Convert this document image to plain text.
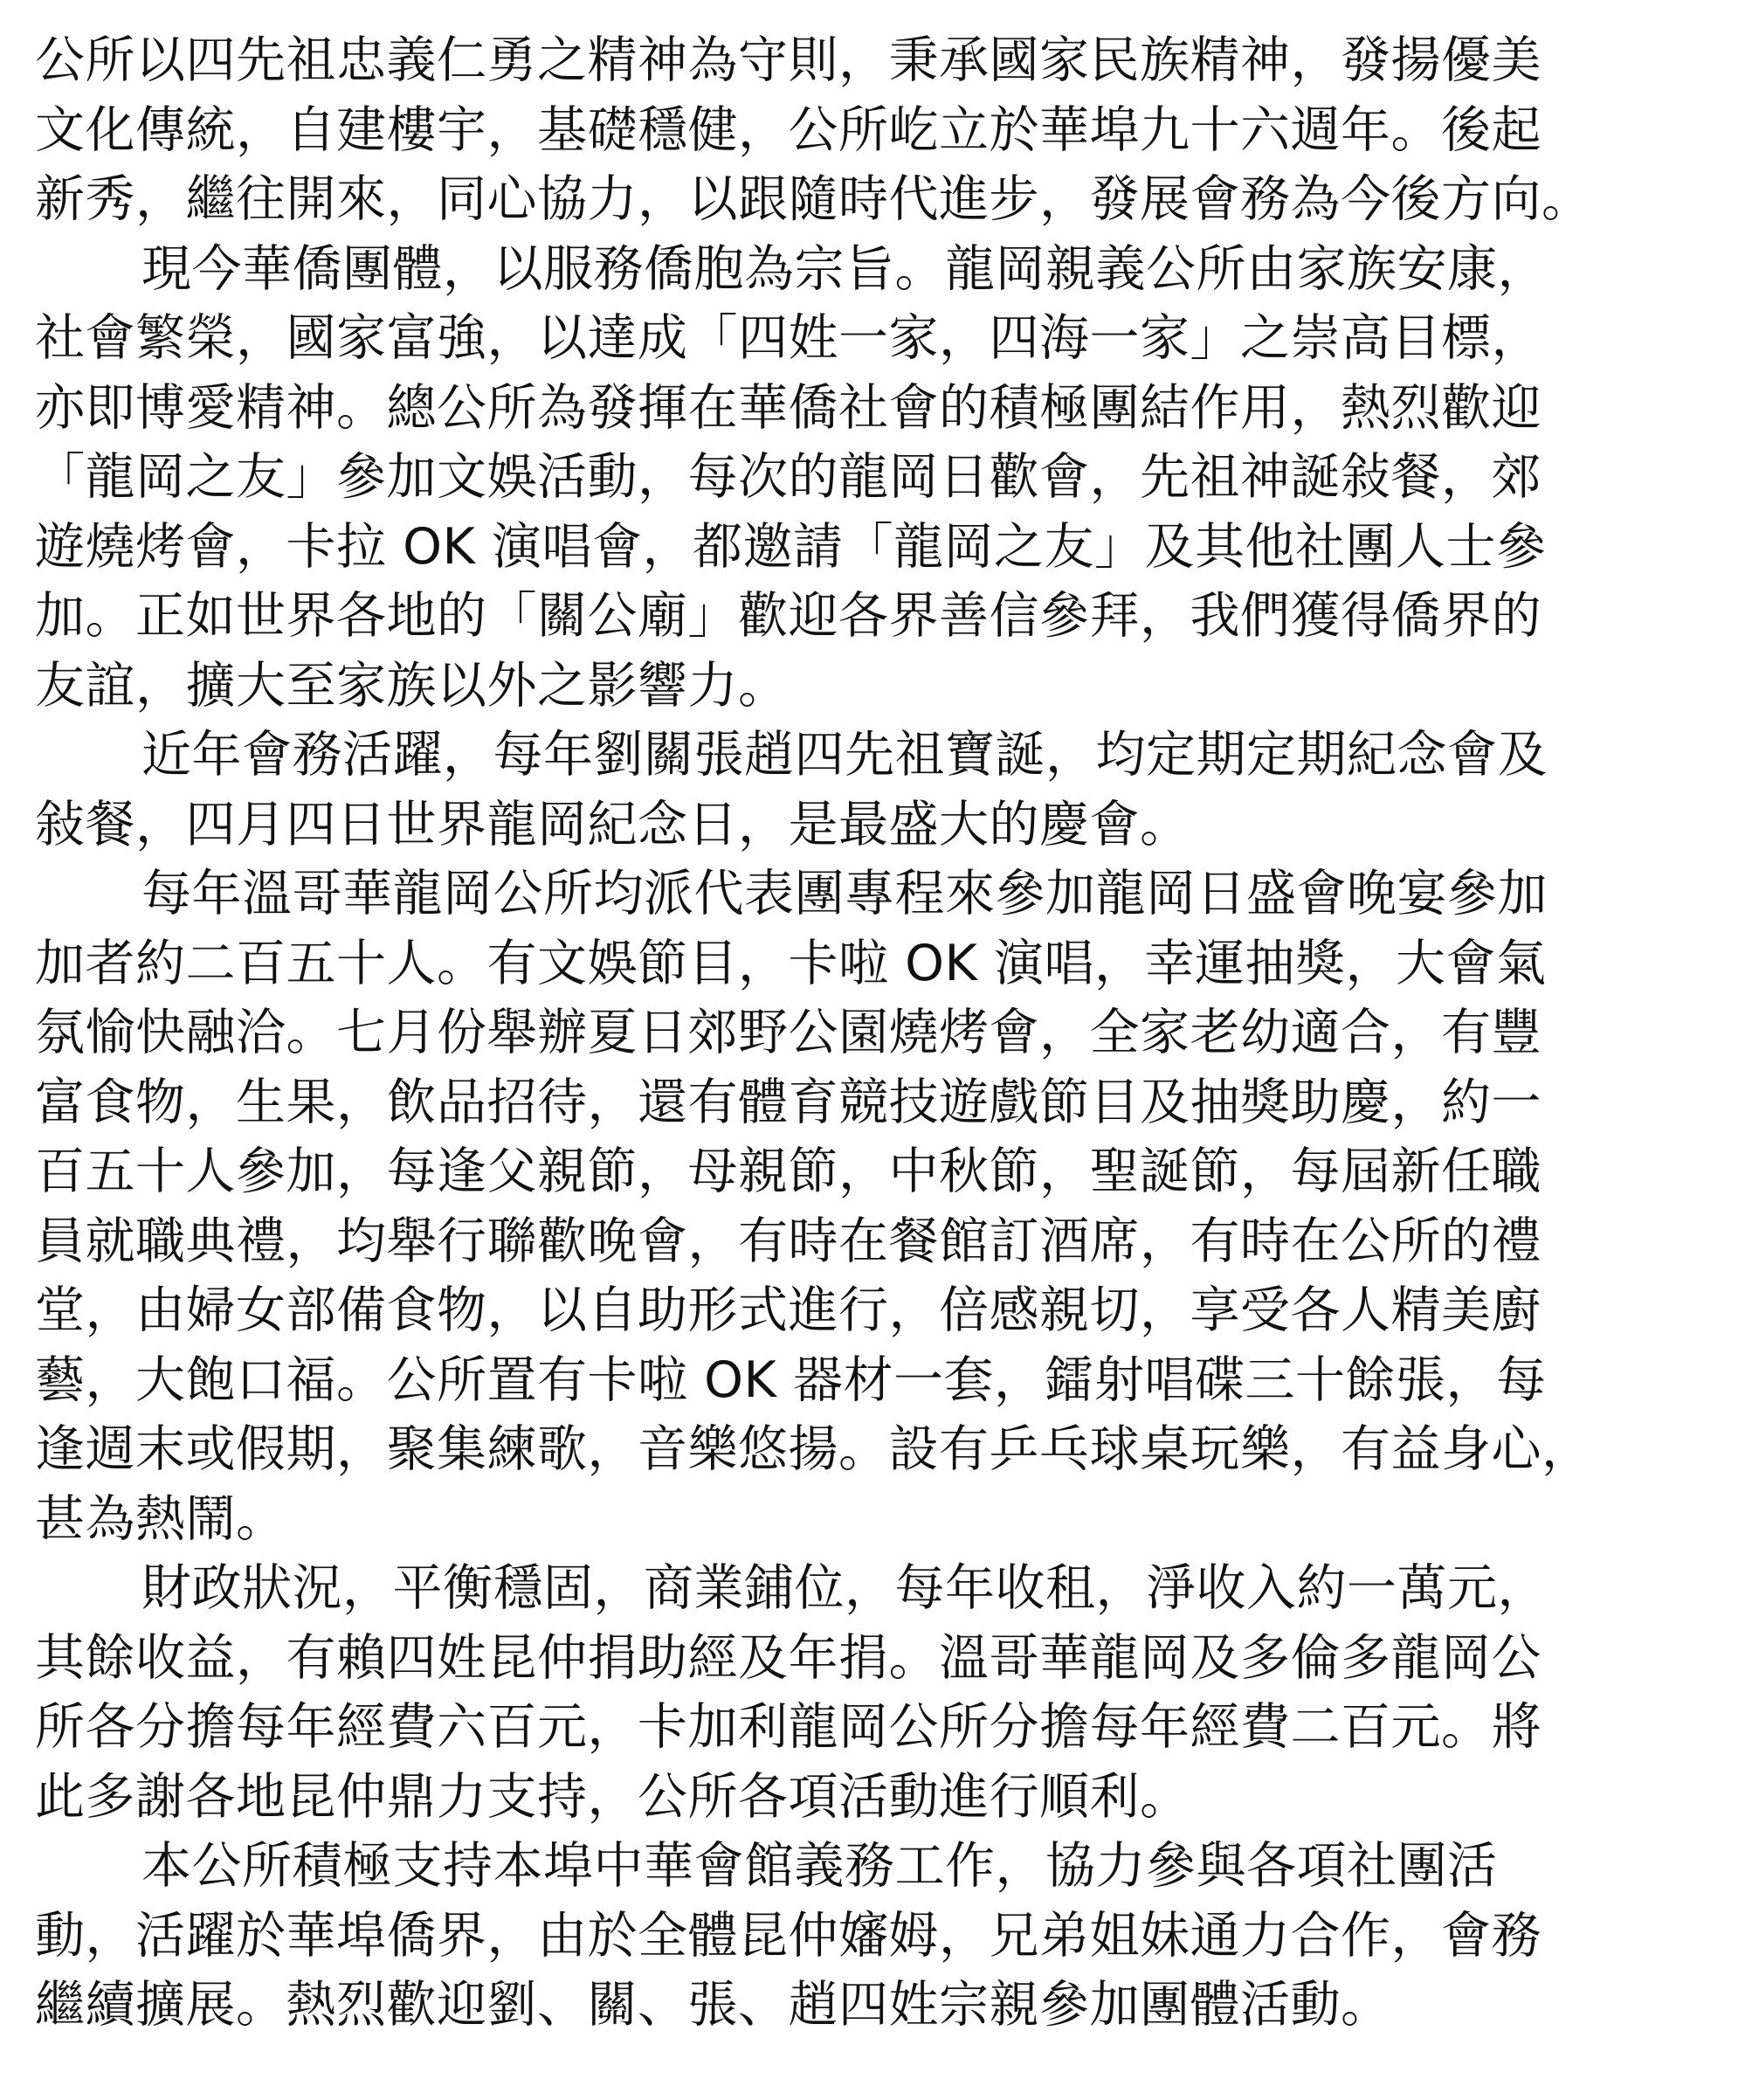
公所以四先祖忠義仁勇之精神為守則，秉承國家民族精神，發揚優美

文化傳統，自建樓宇，基礎穩健，公所屹立於華埠九十六週年。後起

新秀，繼往開來，同心協力，以跟隨時代進步，發展會務為今後方向。

現今華僑團體，以服務僑胞為宗旨。龍岡親義公所由家族安康，

社會繁榮，國家富強，以達成「四姓一家，四海一家」之崇高目標，

亦即博愛精神。總公所為發揮在華僑社會的積極團結作用，熱烈歡迎

「龍岡之友」參加文娛活動，每次的龍岡日歡會，先祖神誕敍餐，郊

遊燒烤會，卡拉 OK 演唱會，都邀請「龍岡之友」及其他社團人士參

加。正如世界各地的「關公廟」歡迎各界善信參拜，我們獲得僑界的

友誼，擴大至家族以外之影響力。

近年會務活躍，每年劉關張趙四先祖寶誕，均定期定期紀念會及

敍餐，四月四日世界龍岡紀念日，是最盛大的慶會。

每年溫哥華龍岡公所均派代表團專程來參加龍岡日盛會晚宴參加

加者約二百五十人。有文娛節目，卡啦 OK 演唱，幸運抽獎，大會氣

氛愉快融洽。七月份舉辦夏日郊野公園燒烤會，全家老幼適合，有豐

富食物，生果，飲品招待，還有體育競技遊戲節目及抽獎助慶，約一

百五十人參加，每逢父親節，母親節，中秋節，聖誕節，每屆新任職

員就職典禮，均舉行聯歡晚會，有時在餐館訂酒席，有時在公所的禮

堂，由婦女部備食物，以自助形式進行，倍感親切，享受各人精美廚

藝，大飽口福。公所置有卡啦 OK 器材一套，鐳射唱碟三十餘張，每

逢週末或假期，聚集練歌，音樂悠揚。設有乒乓球桌玩樂，有益身心，

甚為熱鬧。

財政狀況，平衡穩固，商業鋪位，每年收租，淨收入約一萬元，

其餘收益，有賴四姓昆仲捐助經及年捐。溫哥華龍岡及多倫多龍岡公

所各分擔每年經費六百元，卡加利龍岡公所分擔每年經費二百元。將

此多謝各地昆仲鼎力支持，公所各項活動進行順利。

本公所積極支持本埠中華會館義務工作，協力參與各項社團活

動，活躍於華埠僑界，由於全體昆仲嬸姆，兄弟姐妹通力合作，會務

繼續擴展。熱烈歡迎劉、關、張、趙四姓宗親參加團體活動。
